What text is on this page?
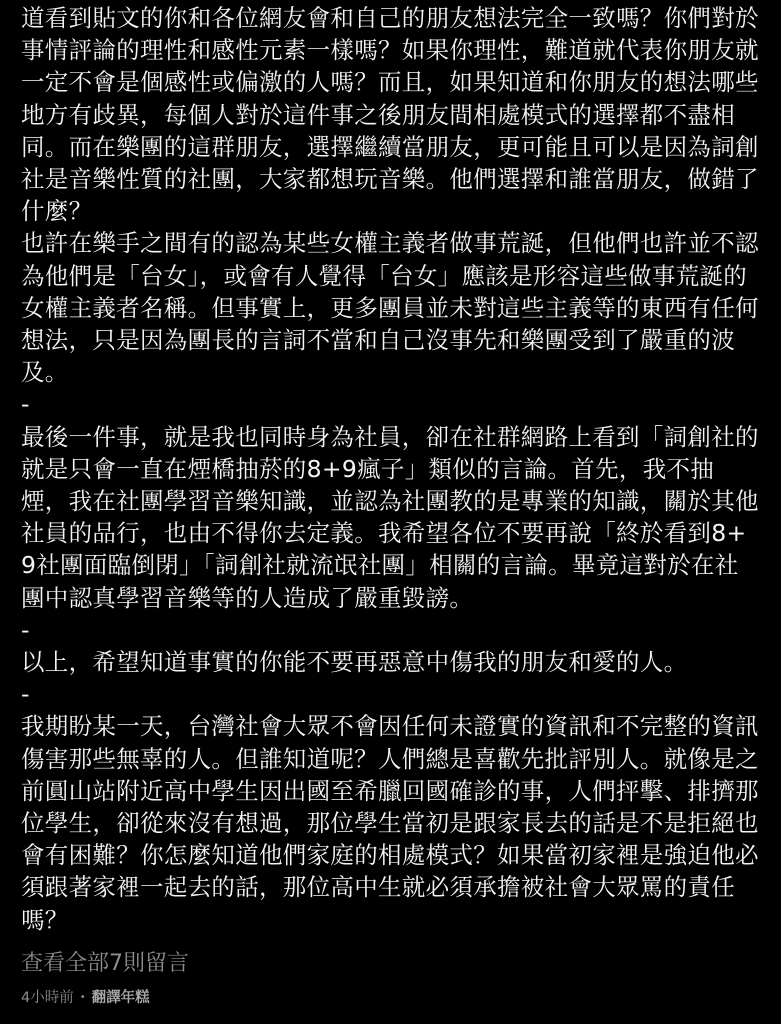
道看到貼文的你和各位網友會和自己的朋友想法完全一致嗎？你們對於事情評論的理性和感性元素一樣嗎？如果你理性，難道就代表你朋友就一定不會是個感性或偏激的人嗎？而且，如果知道和你朋友的想法哪些地方有歧異，每個人對於這件事之後朋友間相處模式的選擇都不盡相同。而在樂團的這群朋友，選擇繼續當朋友，更可能且可以是因為詞創社是音樂性質的社團，大家都想玩音樂。他們選擇和誰當朋友，做錯了什麼？
也許在樂手之間有的認為某些女權主義者做事荒誕，但他們也許並不認為他們是「台女」，或會有人覺得「台女」應該是形容這些做事荒誕的女權主義者名稱。但事實上，更多團員並未對這些主義等的東西有任何想法，只是因為團長的言詞不當和自己沒事先和樂團受到了嚴重的波及。
-
最後一件事，就是我也同時身為社員，卻在社群網路上看到「詞創社的就是只會一直在煙橋抽菸的8+9瘋子」類似的言論。首先，我不抽煙，我在社團學習音樂知識，並認為社團教的是專業的知識，關於其他社員的品行，也由不得你去定義。我希望各位不要再說「終於看到8+9社團面臨倒閉」「詞創社就流氓社團」相關的言論。畢竟這對於在社團中認真學習音樂等的人造成了嚴重毀謗。
-
以上，希望知道事實的你能不要再惡意中傷我的朋友和愛的人。
-
我期盼某一天，台灣社會大眾不會因任何未證實的資訊和不完整的資訊傷害那些無辜的人。但誰知道呢？人們總是喜歡先批評別人。就像是之前圓山站附近高中學生因出國至希臘回國確診的事，人們抨擊、排擠那位學生，卻從來沒有想過，那位學生當初是跟家長去的話是不是拒絕也會有困難？你怎麼知道他們家庭的相處模式？如果當初家裡是強迫他必須跟著家裡一起去的話，那位高中生就必須承擔被社會大眾罵的責任嗎？
查看全部7則留言
4小時前 • 翻譯年糕
